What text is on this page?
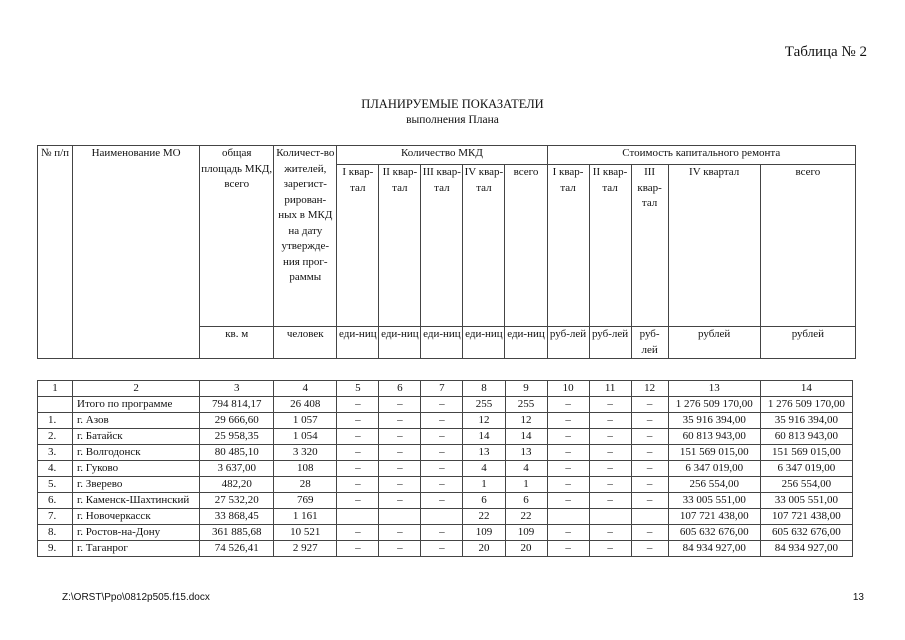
Таблица № 2
ПЛАНИРУЕМЫЕ ПОКАЗАТЕЛИ
выполнения Плана
№ п/п	Наименование МО	общая площадь МКД, всего	Количест-во жителей, зарегист-рирован-ных в МКД на дату утвержде-ния прог-раммы	Количество МКД					Стоимость капитального ремонта				
				I квар-тал	II квар-тал	III квар-тал	IV квар-тал	всего	I квар-тал	II квар-тал	III квар-тал	IV квартал	всего
		кв. м	человек	еди-ниц	еди-ниц	еди-ниц	еди-ниц	еди-ниц	руб-лей	руб-лей	руб-лей	рублей	рублей
1	2	3	4	5	6	7	8	9	10	11	12	13	14
	Итого по программе	794 814,17	26 408	–	–	–	255	255	–	–	–	1 276 509 170,00	1 276 509 170,00
1.	г. Азов	29 666,60	1 057	–	–	–	12	12	–	–	–	35 916 394,00	35 916 394,00
2.	г. Батайск	25 958,35	1 054	–	–	–	14	14	–	–	–	60 813 943,00	60 813 943,00
3.	г. Волгодонск	80 485,10	3 320	–	–	–	13	13	–	–	–	151 569 015,00	151 569 015,00
4.	г. Гуково	3 637,00	108	–	–	–	4	4	–	–	–	6 347 019,00	6 347 019,00
5.	г. Зверево	482,20	28	–	–	–	1	1	–	–	–	256 554,00	256 554,00
6.	г. Каменск-Шахтинский	27 532,20	769	–	–	–	6	6	–	–	–	33 005 551,00	33 005 551,00
7.	г. Новочеркасск	33 868,45	1 161				22	22				107 721 438,00	107 721 438,00
8.	г. Ростов-на-Дону	361 885,68	10 521	–	–	–	109	109	–	–	–	605 632 676,00	605 632 676,00
9.	г. Таганрог	74 526,41	2 927	–	–	–	20	20	–	–	–	84 934 927,00	84 934 927,00
Z:\ORST\Ppo\0812p505.f15.docx	13
